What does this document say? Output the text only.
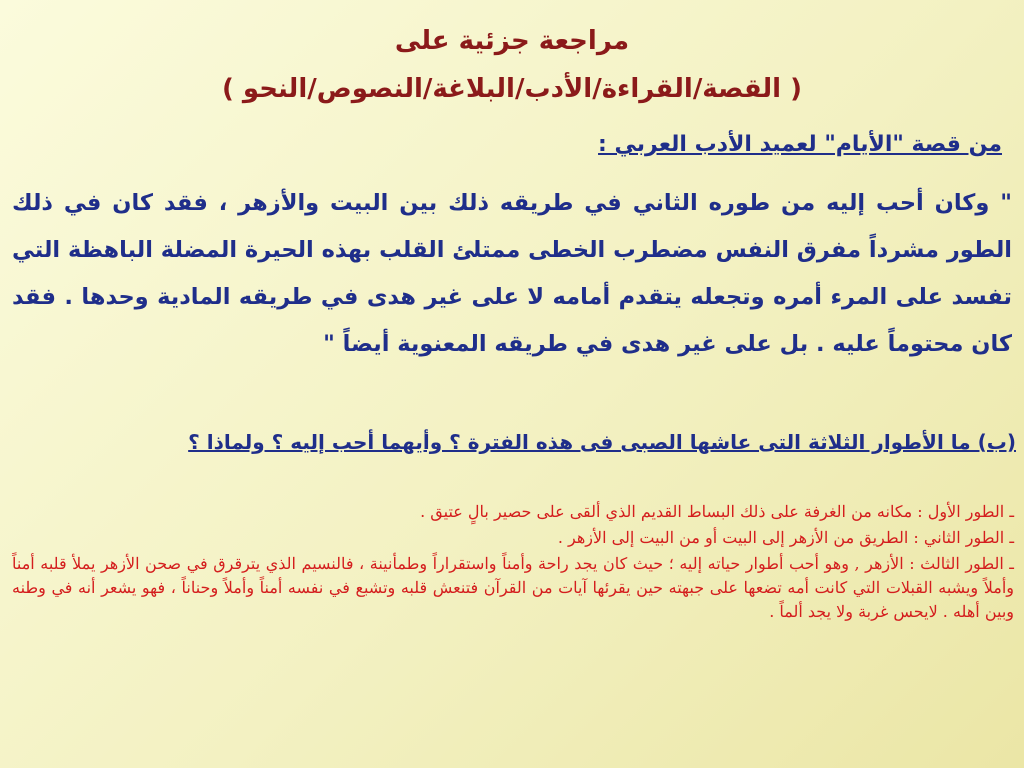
مراجعة جزئية على
( القصة/القراءة/الأدب/البلاغة/النصوص/النحو )
من قصة "الأيام" لعميد الأدب العربي :

" وكان أحب إليه من طوره الثاني في طريقه ذلك بين البيت والأزهر ، فقد كان في ذلك الطور مشرداً مفرق النفس مضطرب الخطى ممتلئ القلب بهذه الحيرة المضلة الباهظة التي تفسد على المرء أمره وتجعله يتقدم أمامه لا على غير هدى في طريقه المادية وحدها . فقد كان محتوماً عليه . بل على غير هدى في طريقه المعنوية أيضاً "

(ب) ما الأطوار الثلاثة التى عاشها الصبى فى هذه الفترة ؟ وأيهما أحب إليه ؟ ولماذا ؟

ـ الطور الأول : مكانه من الغرفة على ذلك البساط القديم الذي ألقى على حصير بالٍ عتيق .

ـ الطور الثاني : الطريق من الأزهر إلى البيت أو من البيت إلى الأزهر .

ـ الطور الثالث : الأزهر , وهو أحب أطوار حياته إليه ؛ حيث كان يجد راحة وأمناً واستقراراً وطمأنينة ، فالنسيم الذي يترقرق في صحن الأزهر يملأ قلبه أمناً وأملاً ويشبه القبلات التي كانت أمه تضعها على جبهته حين يقرئها آيات من القرآن فتنعش قلبه وتشبع في نفسه أمناً وأملاً وحناناً ، فهو يشعر أنه في وطنه وبين أهله . لايحس غربة ولا يجد ألماً .
